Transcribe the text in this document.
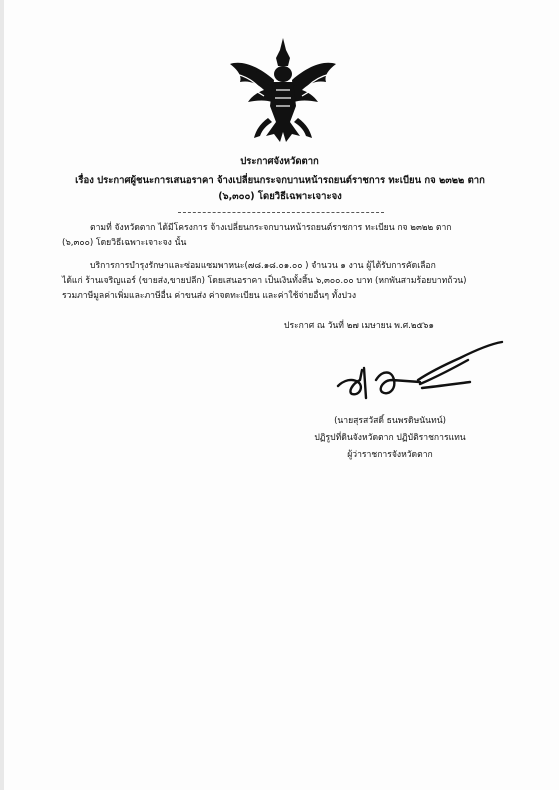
ประกาศจังหวัดตาก
เรื่อง ประกาศผู้ชนะการเสนอราคา จ้างเปลี่ยนกระจกบานหน้ารถยนต์ราชการ ทะเบียน กจ ๒๓๒๒ ตาก
(๖,๓๐๐) โดยวิธีเฉพาะเจาะจง
ตามที่ จังหวัดตาก ได้มีโครงการ จ้างเปลี่ยนกระจกบานหน้ารถยนต์ราชการ ทะเบียน กจ ๒๓๒๒ ตาก
(๖,๓๐๐) โดยวิธีเฉพาะเจาะจง นั้น
บริการการบำรุงรักษาและซ่อมแซมพาหนะ(๗๘.๑๘.๐๑.๐๐ ) จำนวน ๑ งาน ผู้ได้รับการคัดเลือก
ได้แก่ ร้านเจริญแอร์ (ขายส่ง,ขายปลีก) โดยเสนอราคา เป็นเงินทั้งสิ้น ๖,๓๐๐.๐๐ บาท (หกพันสามร้อยบาทถ้วน)
รวมภาษีมูลค่าเพิ่มและภาษีอื่น ค่าขนส่ง ค่าจดทะเบียน และค่าใช้จ่ายอื่นๆ ทั้งปวง
ประกาศ ณ วันที่ ๒๗ เมษายน พ.ศ.๒๕๖๑
(นายสุรสวัสดิ์ ธนพรดิษนันทน์)
ปฏิรูปที่ดินจังหวัดตาก ปฏิบัติราชการแทน
ผู้ว่าราชการจังหวัดตาก
